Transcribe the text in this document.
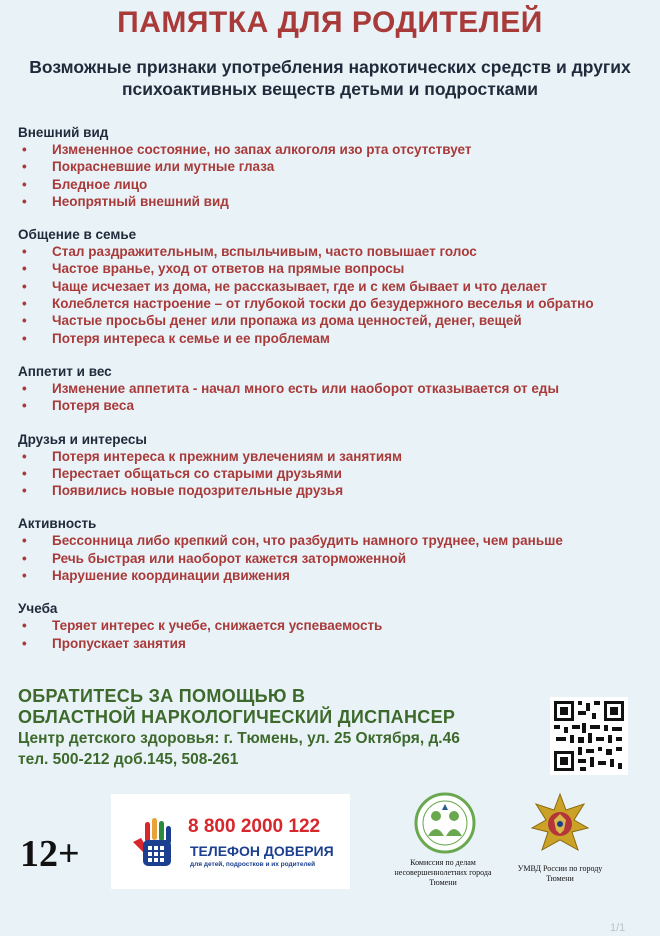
ПАМЯТКА ДЛЯ РОДИТЕЛЕЙ
Возможные признаки употребления наркотических средств и других психоактивных веществ детьми и подростками
Внешний вид
• Измененное состояние, но запах алкоголя изо рта отсутствует
• Покрасневшие или мутные глаза
• Бледное лицо
• Неопрятный внешний вид
Общение в семье
• Стал раздражительным, вспыльчивым, часто повышает голос
• Частое вранье, уход от ответов на прямые вопросы
• Чаще исчезает из дома, не рассказывает, где и с кем бывает и что делает
• Колеблется настроение – от глубокой тоски до безудержного веселья и обратно
• Частые просьбы денег или пропажа из дома ценностей, денег, вещей
• Потеря интереса к семье и ее проблемам
Аппетит и вес
• Изменение аппетита - начал много есть или наоборот отказывается от еды
• Потеря веса
Друзья и интересы
• Потеря интереса к прежним увлечениям и занятиям
• Перестает общаться со старыми друзьями
• Появились новые подозрительные друзья
Активность
• Бессонница либо крепкий сон, что разбудить намного труднее, чем раньше
• Речь быстрая или наоборот кажется заторможенной
• Нарушение координации движения
Учеба
• Теряет интерес к учебе, снижается успеваемость
• Пропускает занятия
ОБРАТИТЕСЬ ЗА ПОМОЩЬЮ В
ОБЛАСТНОЙ НАРКОЛОГИЧЕСКИЙ ДИСПАНСЕР
Центр детского здоровья: г. Тюмень, ул. 25 Октября, д.46
тел. 500-212 доб.145, 508-261
12+
8 800 2000 122
ТЕЛЕФОН ДОВЕРИЯ
для детей, подростков и их родителей	Комиссия по делам несовершеннолетних города Тюмени
УМВД России по городу Тюмени
1/1
